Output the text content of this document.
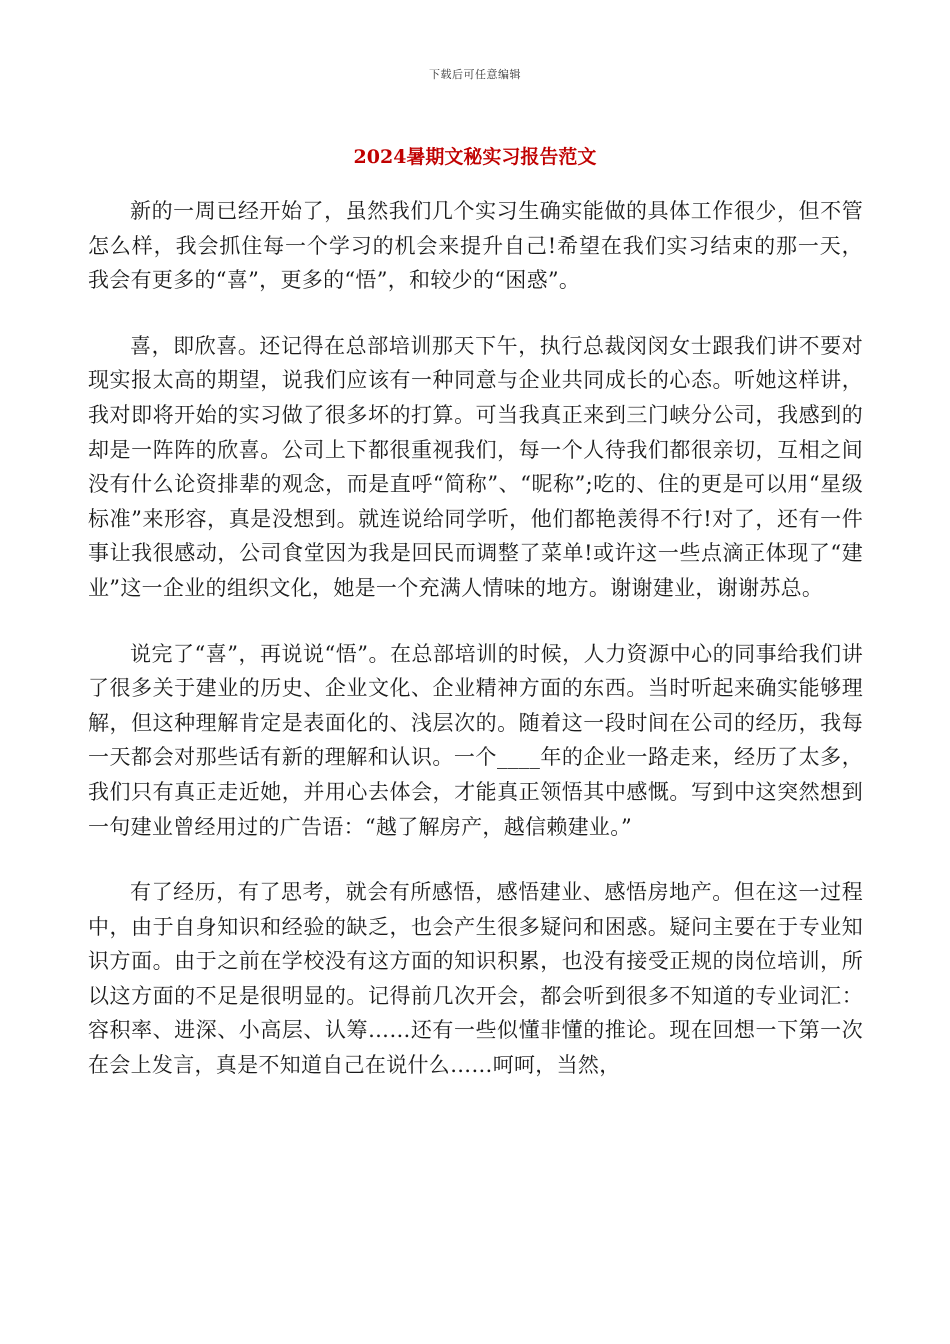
下载后可任意编辑
2024暑期文秘实习报告范文

新的一周已经开始了，虽然我们几个实习生确实能做的具体工作很少，但不管怎么样，我会抓住每一个学习的机会来提升自己!希望在我们实习结束的那一天，我会有更多的“喜”，更多的“悟”，和较少的“困惑”。

喜，即欣喜。还记得在总部培训那天下午，执行总裁闵闵女士跟我们讲不要对现实报太高的期望，说我们应该有一种同意与企业共同成长的心态。听她这样讲，我对即将开始的实习做了很多坏的打算。可当我真正来到三门峡分公司，我感到的却是一阵阵的欣喜。公司上下都很重视我们，每一个人待我们都很亲切，互相之间没有什么论资排辈的观念，而是直呼“简称”、“昵称”;吃的、住的更是可以用“星级标准”来形容，真是没想到。就连说给同学听，他们都艳羡得不行!对了，还有一件事让我很感动，公司食堂因为我是回民而调整了菜单!或许这一些点滴正体现了“建业”这一企业的组织文化，她是一个充满人情味的地方。谢谢建业，谢谢苏总。

说完了“喜”，再说说“悟”。在总部培训的时候，人力资源中心的同事给我们讲了很多关于建业的历史、企业文化、企业精神方面的东西。当时听起来确实能够理解，但这种理解肯定是表面化的、浅层次的。随着这一段时间在公司的经历，我每一天都会对那些话有新的理解和认识。一个____年的企业一路走来，经历了太多，我们只有真正走近她，并用心去体会，才能真正领悟其中感慨。写到中这突然想到一句建业曾经用过的广告语：“越了解房产，越信赖建业。”

有了经历，有了思考，就会有所感悟，感悟建业、感悟房地产。但在这一过程中，由于自身知识和经验的缺乏，也会产生很多疑问和困惑。疑问主要在于专业知识方面。由于之前在学校没有这方面的知识积累，也没有接受正规的岗位培训，所以这方面的不足是很明显的。记得前几次开会，都会听到很多不知道的专业词汇：容积率、进深、小高层、认筹……还有一些似懂非懂的推论。现在回想一下第一次在会上发言，真是不知道自己在说什么……呵呵，当然，
